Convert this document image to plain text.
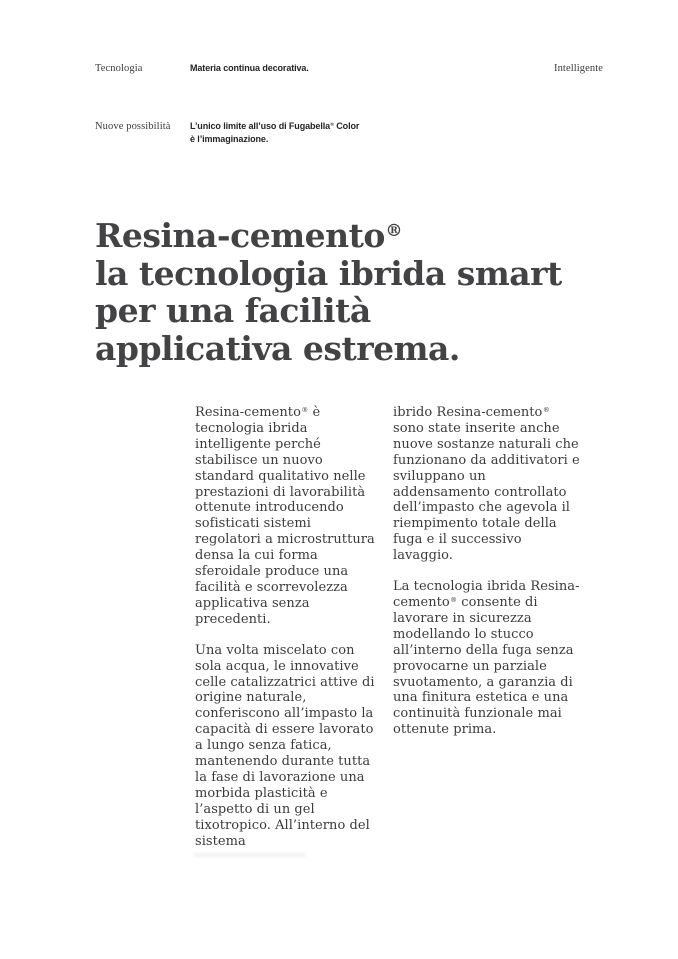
Tecnologia	Materia continua decorativa.	Intelligente
Nuove possibilità L’unico limite all’uso di Fugabella® Color
è l’immaginazione.
Resina-cemento®
la tecnologia ibrida smart
per una facilità
applicativa estrema.

Resina-cemento® è tecnologia ibrida intelligente perché stabilisce un nuovo standard qualitativo nelle prestazioni di lavorabilità ottenute introducendo sofisticati sistemi regolatori a microstruttura densa la cui forma sferoidale produce una facilità e scorrevolezza applicativa senza precedenti.

Una volta miscelato con sola acqua, le innovative celle catalizzatrici attive di origine naturale, conferiscono all’impasto la capacità di essere lavorato a lungo senza fatica, mantenendo durante tutta la fase di lavorazione una morbida plasticità e l’aspetto di un gel tixotropico. All’interno del sistema

ibrido Resina-cemento® sono state inserite anche nuove sostanze naturali che funzionano da additivatori e sviluppano un addensamento controllato dell’impasto che agevola il riempimento totale della fuga e il successivo lavaggio.

La tecnologia ibrida Resina-cemento® consente di lavorare in sicurezza modellando lo stucco all’interno della fuga senza provocarne un parziale svuotamento, a garanzia di una finitura estetica e una continuità funzionale mai ottenute prima.
